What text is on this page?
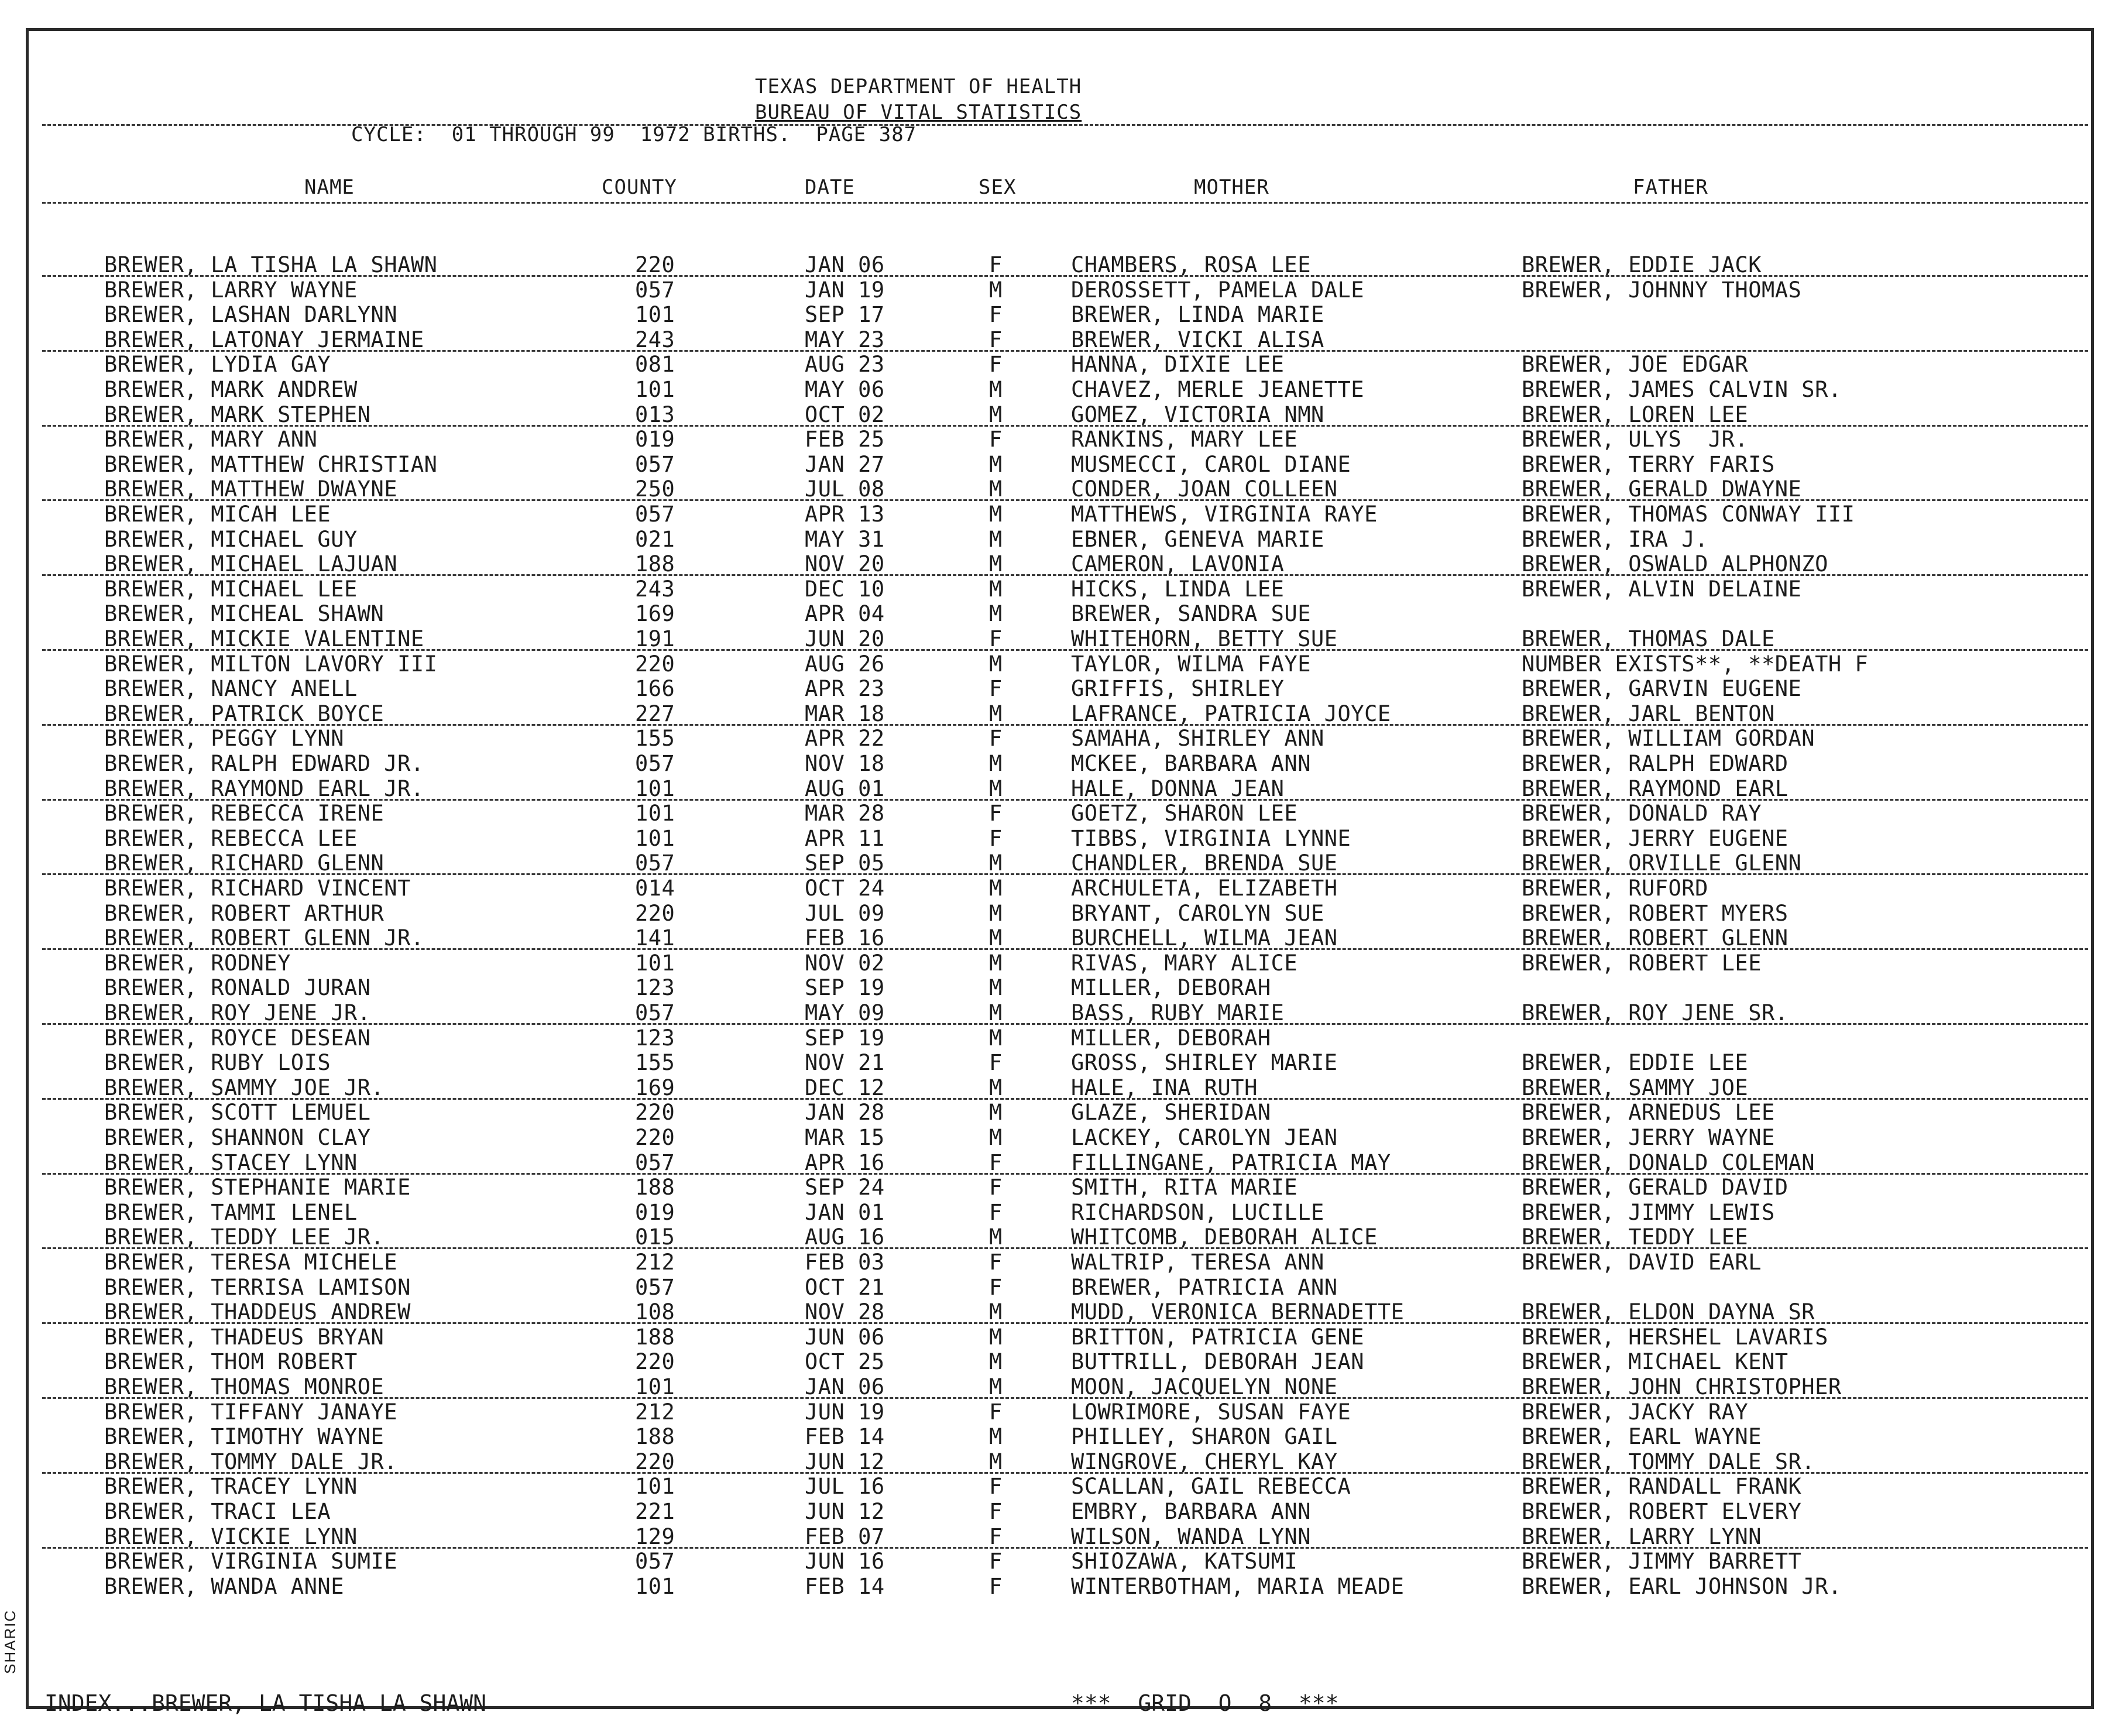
TEXAS DEPARTMENT OF HEALTH
BUREAU OF VITAL STATISTICS
CYCLE:  01 THROUGH 99  1972 BIRTHS.  PAGE 387
NAME	COUNTY	DATE	SEX	MOTHER	FATHER
BREWER, LA TISHA LA SHAWN	220	JAN 06	F	CHAMBERS, ROSA LEE	BREWER, EDDIE JACK
BREWER, LARRY WAYNE	057	JAN 19	M	DEROSSETT, PAMELA DALE	BREWER, JOHNNY THOMAS
BREWER, LASHAN DARLYNN	101	SEP 17	F	BREWER, LINDA MARIE
BREWER, LATONAY JERMAINE	243	MAY 23	F	BREWER, VICKI ALISA
BREWER, LYDIA GAY	081	AUG 23	F	HANNA, DIXIE LEE	BREWER, JOE EDGAR
BREWER, MARK ANDREW	101	MAY 06	M	CHAVEZ, MERLE JEANETTE	BREWER, JAMES CALVIN SR.
BREWER, MARK STEPHEN	013	OCT 02	M	GOMEZ, VICTORIA NMN	BREWER, LOREN LEE
BREWER, MARY ANN	019	FEB 25	F	RANKINS, MARY LEE	BREWER, ULYS  JR.
BREWER, MATTHEW CHRISTIAN	057	JAN 27	M	MUSMECCI, CAROL DIANE	BREWER, TERRY FARIS
BREWER, MATTHEW DWAYNE	250	JUL 08	M	CONDER, JOAN COLLEEN	BREWER, GERALD DWAYNE
BREWER, MICAH LEE	057	APR 13	M	MATTHEWS, VIRGINIA RAYE	BREWER, THOMAS CONWAY III
BREWER, MICHAEL GUY	021	MAY 31	M	EBNER, GENEVA MARIE	BREWER, IRA J.
BREWER, MICHAEL LAJUAN	188	NOV 20	M	CAMERON, LAVONIA	BREWER, OSWALD ALPHONZO
BREWER, MICHAEL LEE	243	DEC 10	M	HICKS, LINDA LEE	BREWER, ALVIN DELAINE
BREWER, MICHEAL SHAWN	169	APR 04	M	BREWER, SANDRA SUE
BREWER, MICKIE VALENTINE	191	JUN 20	F	WHITEHORN, BETTY SUE	BREWER, THOMAS DALE
BREWER, MILTON LAVORY III	220	AUG 26	M	TAYLOR, WILMA FAYE	NUMBER EXISTS**, **DEATH F
BREWER, NANCY ANELL	166	APR 23	F	GRIFFIS, SHIRLEY	BREWER, GARVIN EUGENE
BREWER, PATRICK BOYCE	227	MAR 18	M	LAFRANCE, PATRICIA JOYCE	BREWER, JARL BENTON
BREWER, PEGGY LYNN	155	APR 22	F	SAMAHA, SHIRLEY ANN	BREWER, WILLIAM GORDAN
BREWER, RALPH EDWARD JR.	057	NOV 18	M	MCKEE, BARBARA ANN	BREWER, RALPH EDWARD
BREWER, RAYMOND EARL JR.	101	AUG 01	M	HALE, DONNA JEAN	BREWER, RAYMOND EARL
BREWER, REBECCA IRENE	101	MAR 28	F	GOETZ, SHARON LEE	BREWER, DONALD RAY
BREWER, REBECCA LEE	101	APR 11	F	TIBBS, VIRGINIA LYNNE	BREWER, JERRY EUGENE
BREWER, RICHARD GLENN	057	SEP 05	M	CHANDLER, BRENDA SUE	BREWER, ORVILLE GLENN
BREWER, RICHARD VINCENT	014	OCT 24	M	ARCHULETA, ELIZABETH	BREWER, RUFORD
BREWER, ROBERT ARTHUR	220	JUL 09	M	BRYANT, CAROLYN SUE	BREWER, ROBERT MYERS
BREWER, ROBERT GLENN JR.	141	FEB 16	M	BURCHELL, WILMA JEAN	BREWER, ROBERT GLENN
BREWER, RODNEY	101	NOV 02	M	RIVAS, MARY ALICE	BREWER, ROBERT LEE
BREWER, RONALD JURAN	123	SEP 19	M	MILLER, DEBORAH
BREWER, ROY JENE JR.	057	MAY 09	M	BASS, RUBY MARIE	BREWER, ROY JENE SR.
BREWER, ROYCE DESEAN	123	SEP 19	M	MILLER, DEBORAH
BREWER, RUBY LOIS	155	NOV 21	F	GROSS, SHIRLEY MARIE	BREWER, EDDIE LEE
BREWER, SAMMY JOE JR.	169	DEC 12	M	HALE, INA RUTH	BREWER, SAMMY JOE
BREWER, SCOTT LEMUEL	220	JAN 28	M	GLAZE, SHERIDAN	BREWER, ARNEDUS LEE
BREWER, SHANNON CLAY	220	MAR 15	M	LACKEY, CAROLYN JEAN	BREWER, JERRY WAYNE
BREWER, STACEY LYNN	057	APR 16	F	FILLINGANE, PATRICIA MAY	BREWER, DONALD COLEMAN
BREWER, STEPHANIE MARIE	188	SEP 24	F	SMITH, RITA MARIE	BREWER, GERALD DAVID
BREWER, TAMMI LENEL	019	JAN 01	F	RICHARDSON, LUCILLE	BREWER, JIMMY LEWIS
BREWER, TEDDY LEE JR.	015	AUG 16	M	WHITCOMB, DEBORAH ALICE	BREWER, TEDDY LEE
BREWER, TERESA MICHELE	212	FEB 03	F	WALTRIP, TERESA ANN	BREWER, DAVID EARL
BREWER, TERRISA LAMISON	057	OCT 21	F	BREWER, PATRICIA ANN
BREWER, THADDEUS ANDREW	108	NOV 28	M	MUDD, VERONICA BERNADETTE	BREWER, ELDON DAYNA SR
BREWER, THADEUS BRYAN	188	JUN 06	M	BRITTON, PATRICIA GENE	BREWER, HERSHEL LAVARIS
BREWER, THOM ROBERT	220	OCT 25	M	BUTTRILL, DEBORAH JEAN	BREWER, MICHAEL KENT
BREWER, THOMAS MONROE	101	JAN 06	M	MOON, JACQUELYN NONE	BREWER, JOHN CHRISTOPHER
BREWER, TIFFANY JANAYE	212	JUN 19	F	LOWRIMORE, SUSAN FAYE	BREWER, JACKY RAY
BREWER, TIMOTHY WAYNE	188	FEB 14	M	PHILLEY, SHARON GAIL	BREWER, EARL WAYNE
BREWER, TOMMY DALE JR.	220	JUN 12	M	WINGROVE, CHERYL KAY	BREWER, TOMMY DALE SR.
BREWER, TRACEY LYNN	101	JUL 16	F	SCALLAN, GAIL REBECCA	BREWER, RANDALL FRANK
BREWER, TRACI LEA	221	JUN 12	F	EMBRY, BARBARA ANN	BREWER, ROBERT ELVERY
BREWER, VICKIE LYNN	129	FEB 07	F	WILSON, WANDA LYNN	BREWER, LARRY LYNN
BREWER, VIRGINIA SUMIE	057	JUN 16	F	SHIOZAWA, KATSUMI	BREWER, JIMMY BARRETT
BREWER, WANDA ANNE	101	FEB 14	F	WINTERBOTHAM, MARIA MEADE	BREWER, EARL JOHNSON JR.
INDEX...BREWER, LA TISHA LA SHAWN	***  GRID  O  8  ***
SHARIC
